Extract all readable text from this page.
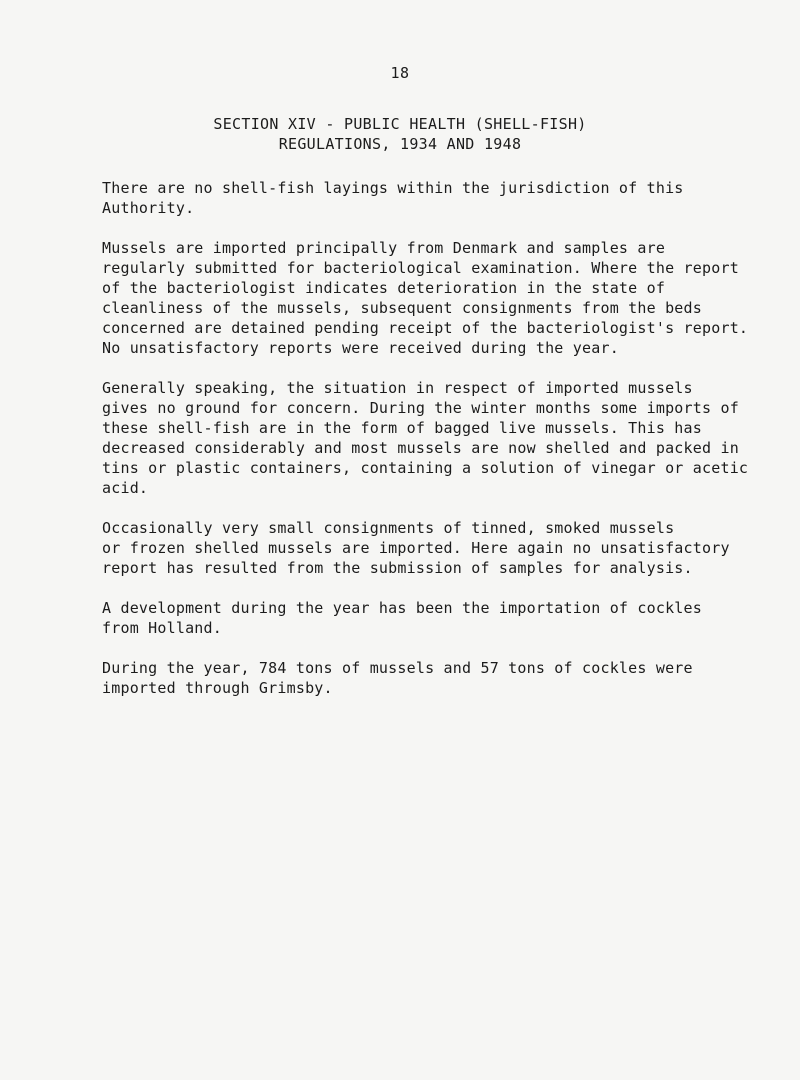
18
SECTION XIV - PUBLIC HEALTH (SHELL-FISH)
REGULATIONS, 1934 AND 1948
There are no shell-fish layings within the jurisdiction of this
Authority.
Mussels are imported principally from Denmark and samples are
regularly submitted for bacteriological examination. Where the report
of the bacteriologist indicates deterioration in the state of
cleanliness of the mussels, subsequent consignments from the beds
concerned are detained pending receipt of the bacteriologist's report.
No unsatisfactory reports were received during the year.
Generally speaking, the situation in respect of imported mussels
gives no ground for concern. During the winter months some imports of
these shell-fish are in the form of bagged live mussels. This has
decreased considerably and most mussels are now shelled and packed in
tins or plastic containers, containing a solution of vinegar or acetic
acid.
Occasionally very small consignments of tinned, smoked mussels
or frozen shelled mussels are imported. Here again no unsatisfactory
report has resulted from the submission of samples for analysis.
A development during the year has been the importation of cockles
from Holland.
During the year, 784 tons of mussels and 57 tons of cockles were
imported through Grimsby.
